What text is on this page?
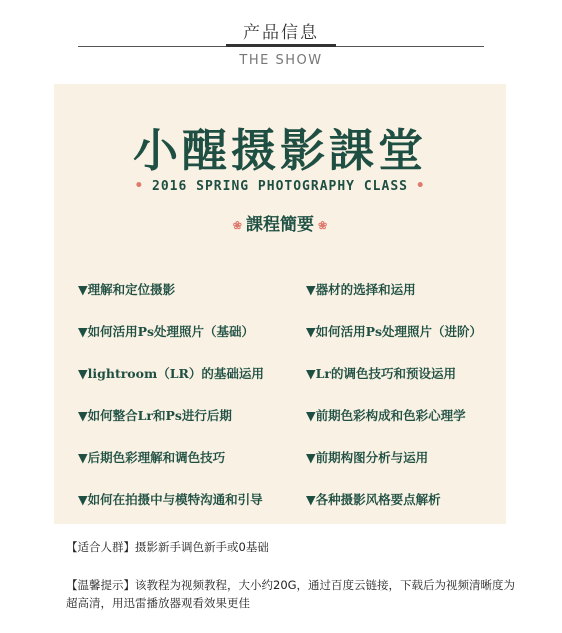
产品信息
THE SHOW
小醒摄影課堂
• 2016 SPRING PHOTOGRAPHY CLASS •
❀ 課程簡要 ❀
▼理解和定位摄影	▼器材的选择和运用
▼如何活用Ps处理照片（基础）	▼如何活用Ps处理照片（进阶）
▼lightroom（LR）的基础运用	▼Lr的调色技巧和预设运用
▼如何整合Lr和Ps进行后期	▼前期色彩构成和色彩心理学
▼后期色彩理解和调色技巧	▼前期构图分析与运用
▼如何在拍摄中与模特沟通和引导	▼各种摄影风格要点解析
【适合人群】摄影新手调色新手或0基础
【温馨提示】该教程为视频教程，大小约20G，通过百度云链接，下载后为视频清晰度为
超高清，用迅雷播放器观看效果更佳
